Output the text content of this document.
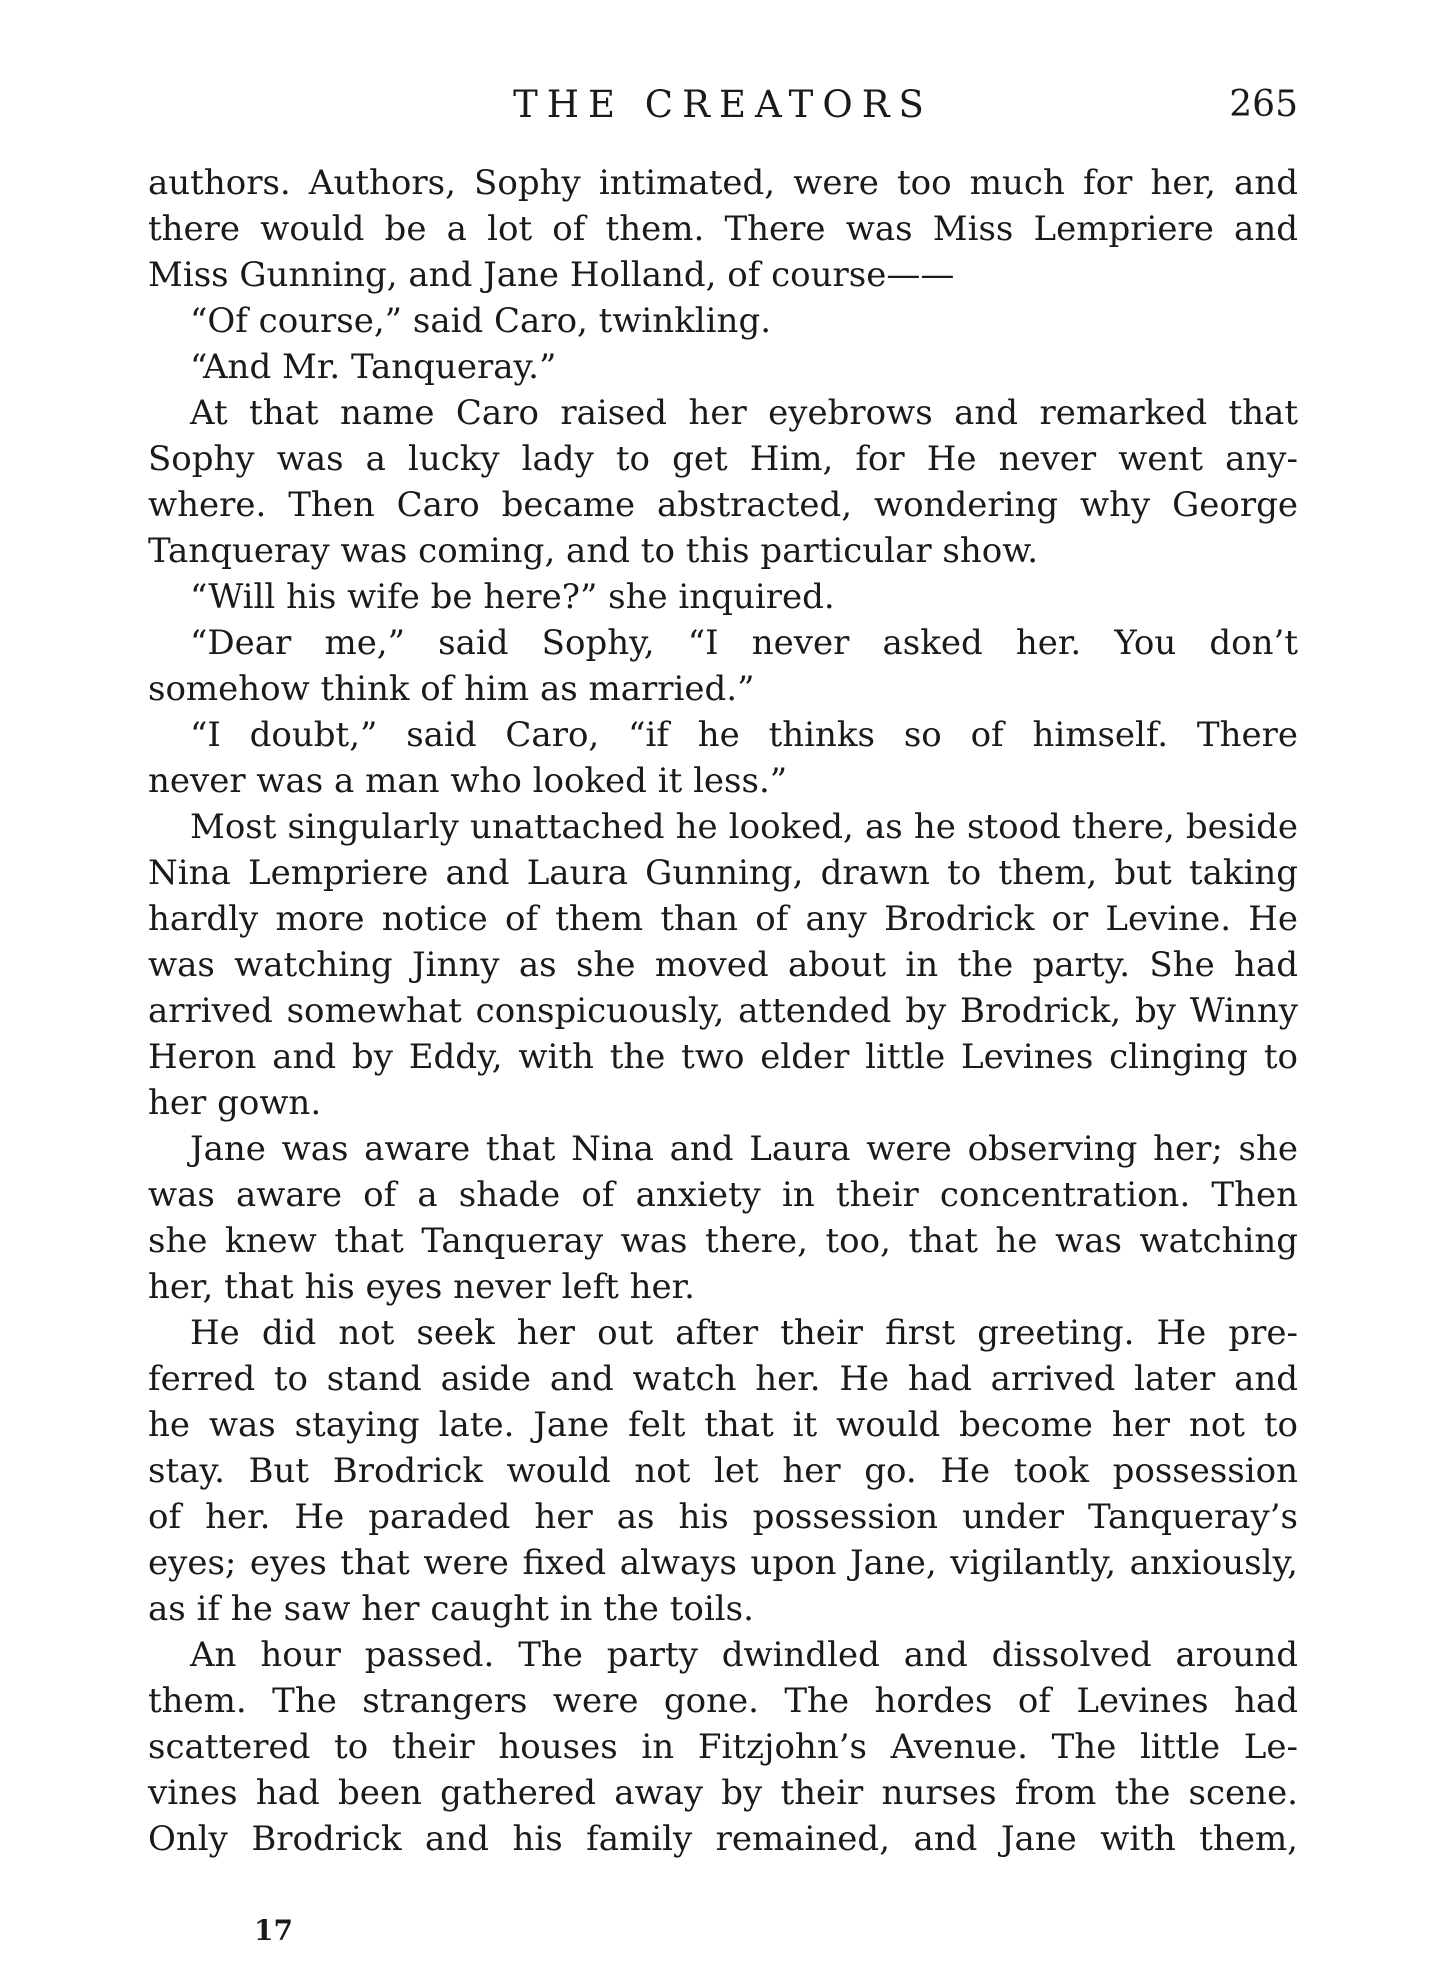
THE CREATORS	265
authors. Authors, Sophy intimated, were too much for her, and
there would be a lot of them. There was Miss Lempriere and
Miss Gunning, and Jane Holland, of course——
“Of course,” said Caro, twinkling.
“And Mr. Tanqueray.”
At that name Caro raised her eyebrows and remarked that
Sophy was a lucky lady to get Him, for He never went any-
where. Then Caro became abstracted, wondering why George
Tanqueray was coming, and to this particular show.
“Will his wife be here?” she inquired.
“Dear me,” said Sophy, “I never asked her. You don’t
somehow think of him as married.”
“I doubt,” said Caro, “if he thinks so of himself. There
never was a man who looked it less.”
Most singularly unattached he looked, as he stood there, beside
Nina Lempriere and Laura Gunning, drawn to them, but taking
hardly more notice of them than of any Brodrick or Levine. He
was watching Jinny as she moved about in the party. She had
arrived somewhat conspicuously, attended by Brodrick, by Winny
Heron and by Eddy, with the two elder little Levines clinging to
her gown.
Jane was aware that Nina and Laura were observing her; she
was aware of a shade of anxiety in their concentration. Then
she knew that Tanqueray was there, too, that he was watching
her, that his eyes never left her.
He did not seek her out after their first greeting. He pre-
ferred to stand aside and watch her. He had arrived later and
he was staying late. Jane felt that it would become her not to
stay. But Brodrick would not let her go. He took possession
of her. He paraded her as his possession under Tanqueray’s
eyes; eyes that were fixed always upon Jane, vigilantly, anxiously,
as if he saw her caught in the toils.
An hour passed. The party dwindled and dissolved around
them. The strangers were gone. The hordes of Levines had
scattered to their houses in Fitzjohn’s Avenue. The little Le-
vines had been gathered away by their nurses from the scene.
Only Brodrick and his family remained, and Jane with them,
17
